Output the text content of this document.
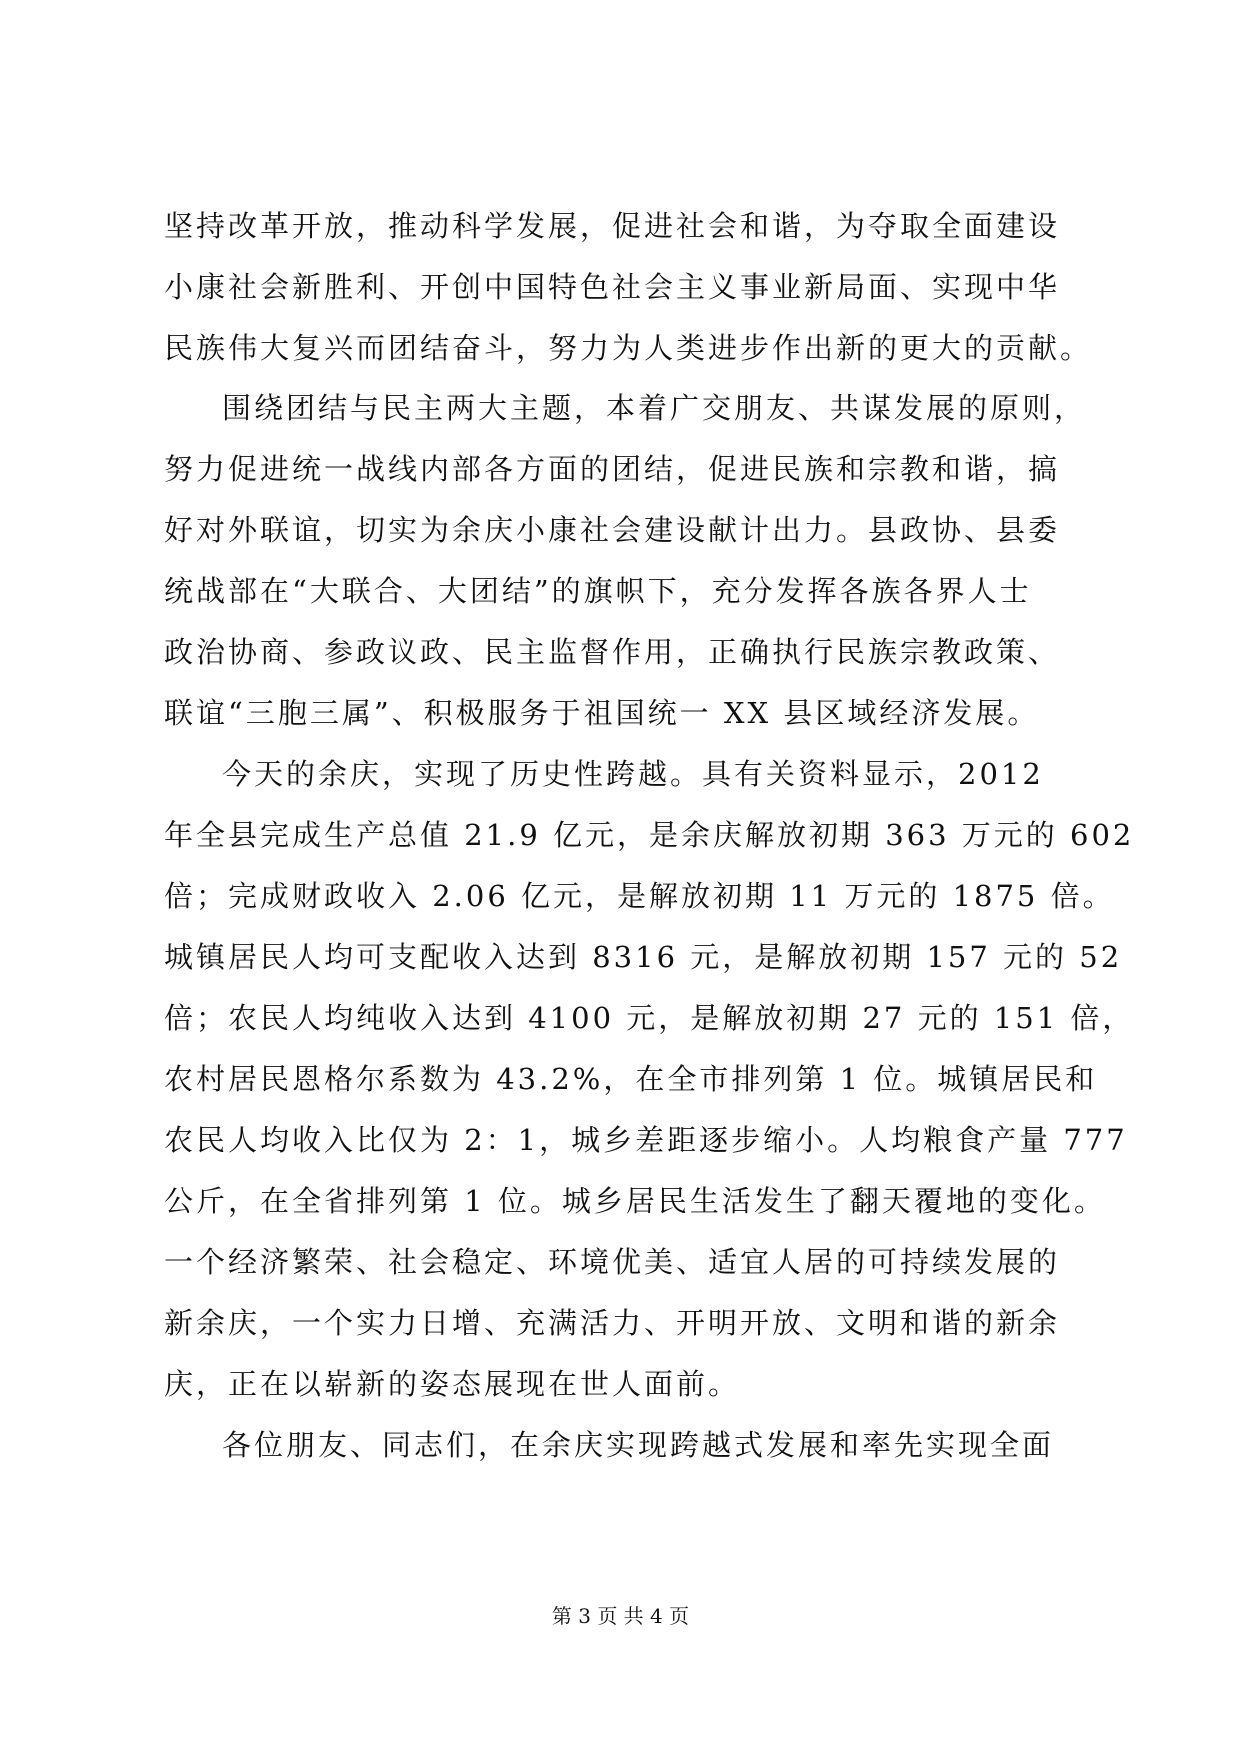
坚持改革开放，推动科学发展，促进社会和谐，为夺取全面建设
小康社会新胜利、开创中国特色社会主义事业新局面、实现中华
民族伟大复兴而团结奋斗，努力为人类进步作出新的更大的贡献。
围绕团结与民主两大主题，本着广交朋友、共谋发展的原则，
努力促进统一战线内部各方面的团结，促进民族和宗教和谐，搞
好对外联谊，切实为余庆小康社会建设献计出力。县政协、县委
统战部在“大联合、大团结”的旗帜下，充分发挥各族各界人士
政治协商、参政议政、民主监督作用，正确执行民族宗教政策、
联谊“三胞三属”、积极服务于祖国统一 XX 县区域经济发展。
今天的余庆，实现了历史性跨越。具有关资料显示，2012
年全县完成生产总值 21.9 亿元，是余庆解放初期 363 万元的 602
倍；完成财政收入 2.06 亿元，是解放初期 11 万元的 1875 倍。
城镇居民人均可支配收入达到 8316 元，是解放初期 157 元的 52
倍；农民人均纯收入达到 4100 元，是解放初期 27 元的 151 倍，
农村居民恩格尔系数为 43.2%，在全市排列第 1 位。城镇居民和
农民人均收入比仅为 2：1，城乡差距逐步缩小。人均粮食产量 777
公斤，在全省排列第 1 位。城乡居民生活发生了翻天覆地的变化。
一个经济繁荣、社会稳定、环境优美、适宜人居的可持续发展的
新余庆，一个实力日增、充满活力、开明开放、文明和谐的新余
庆，正在以崭新的姿态展现在世人面前。
各位朋友、同志们，在余庆实现跨越式发展和率先实现全面
第 3 页 共 4 页
